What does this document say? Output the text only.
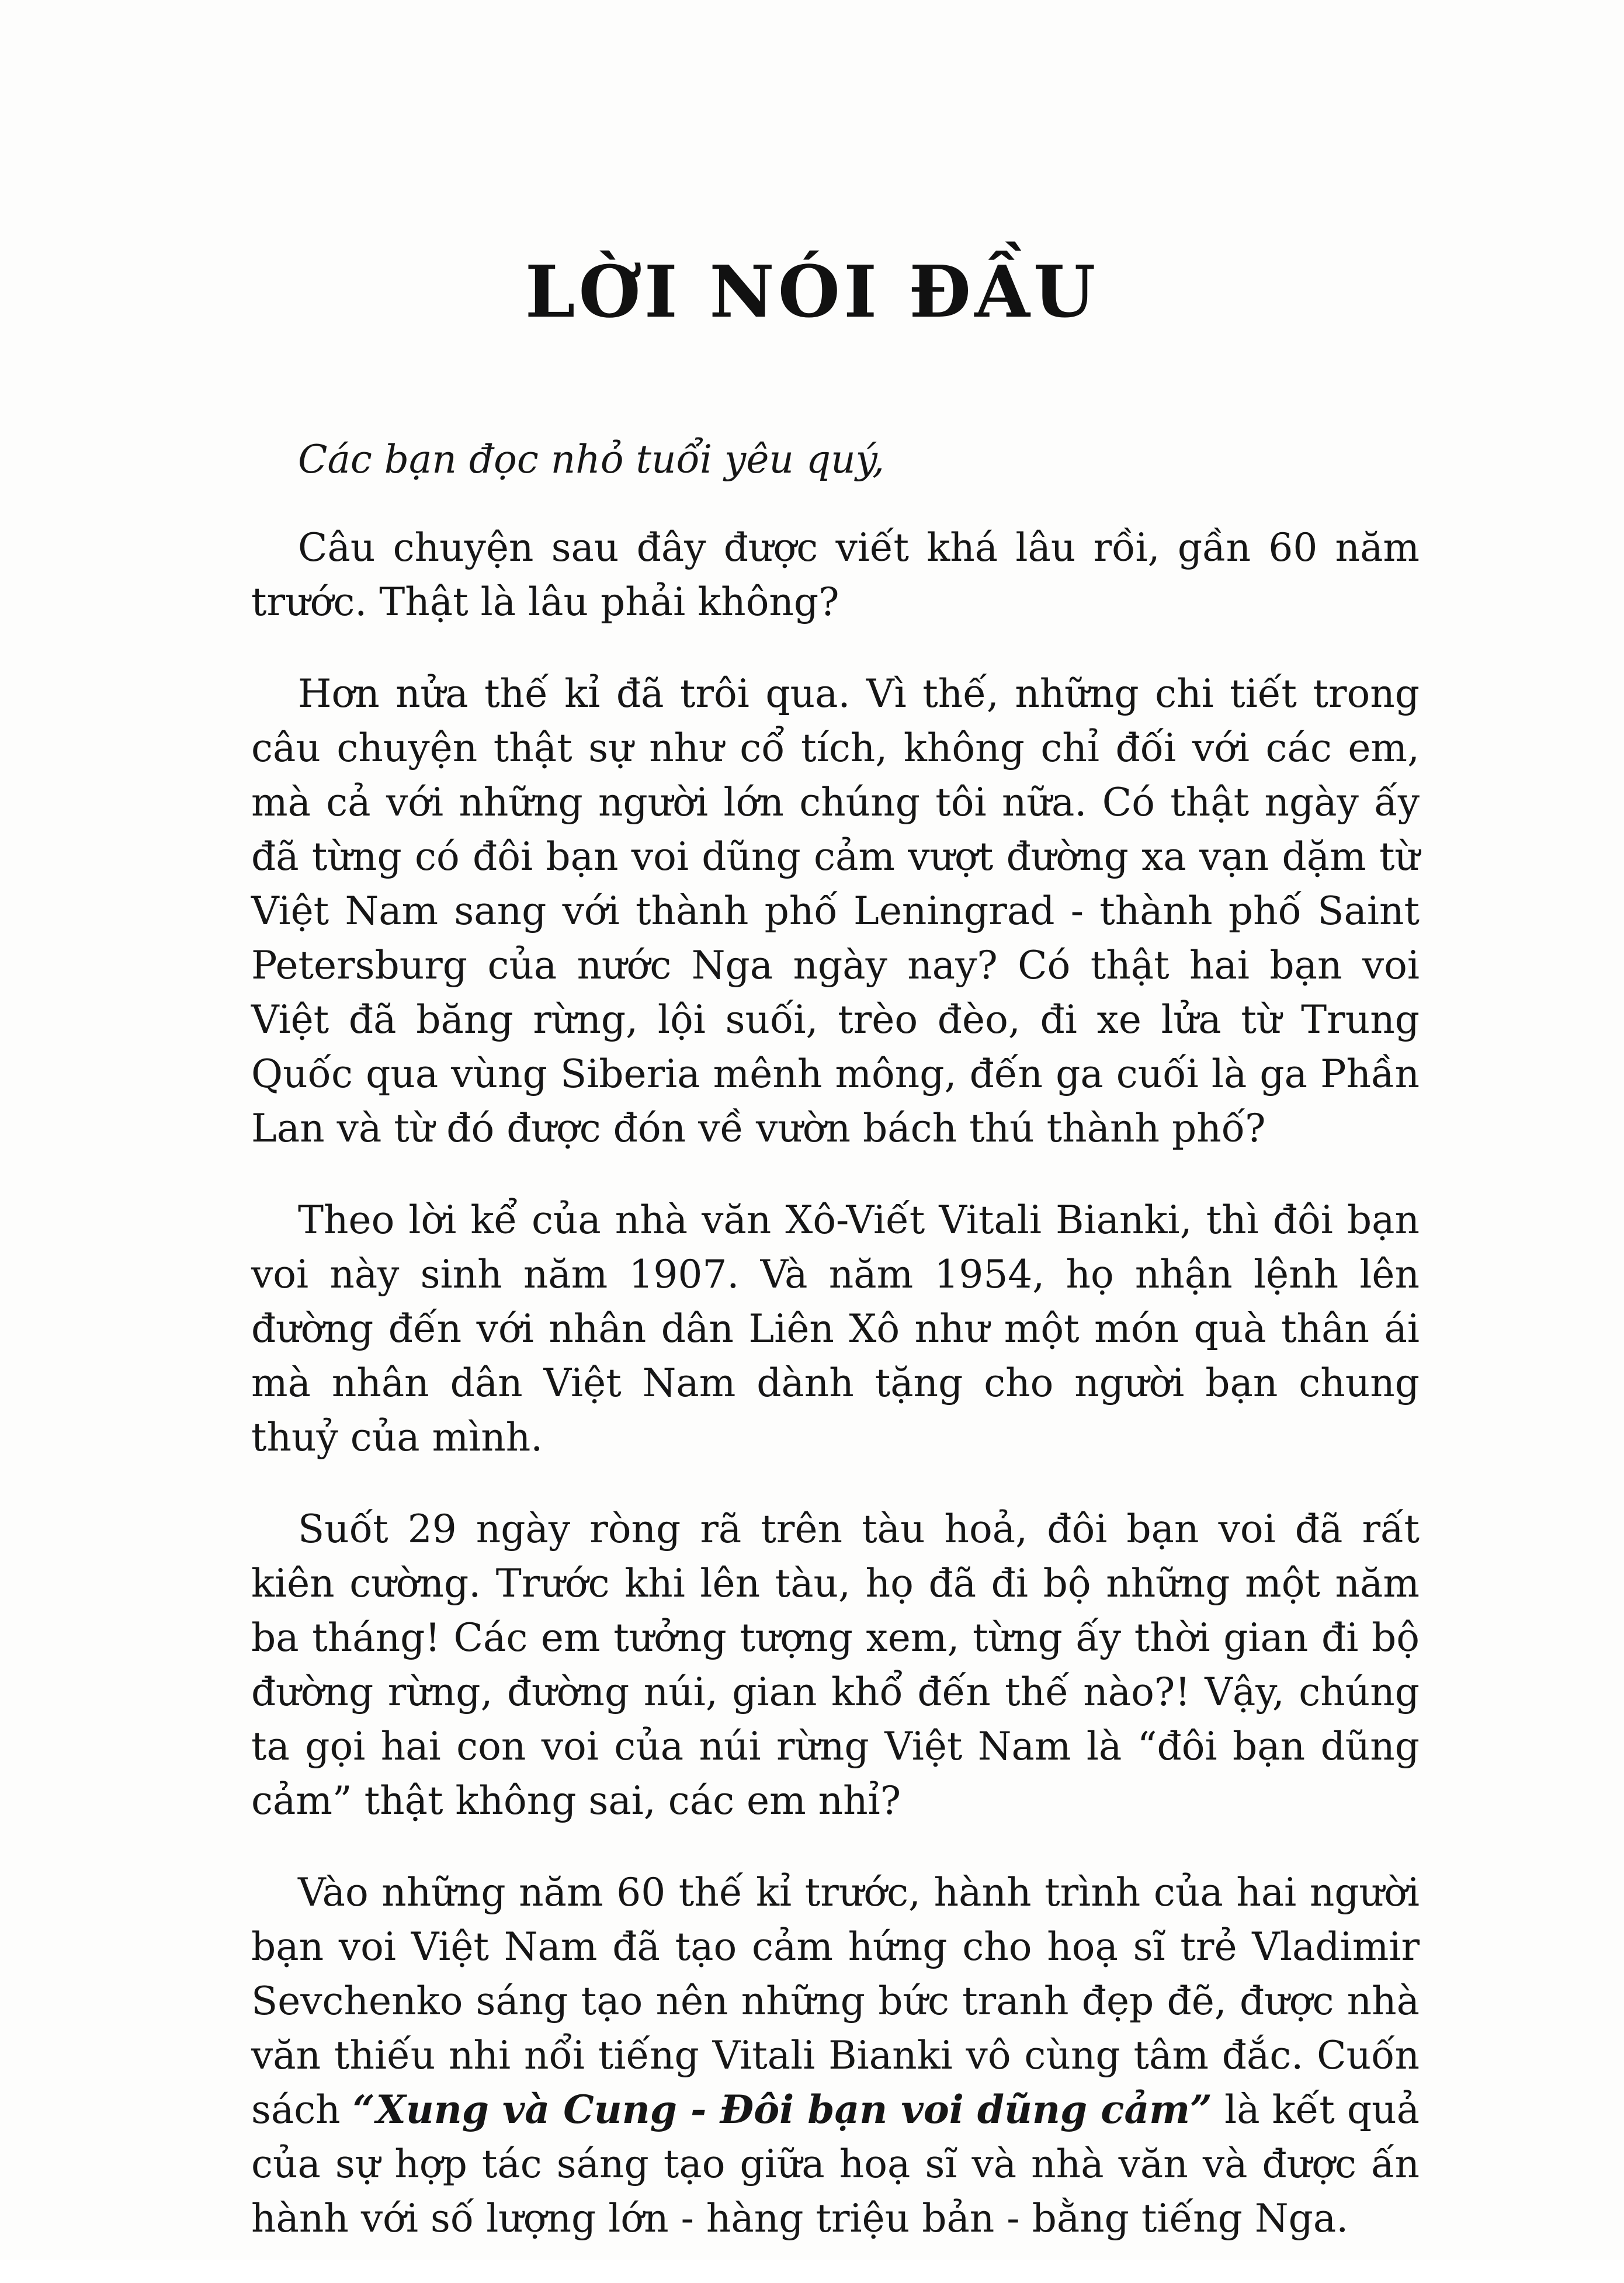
LỜI NÓI ĐẦU

Các bạn đọc nhỏ tuổi yêu quý,

Câu chuyện sau đây được viết khá lâu rồi, gần 60 năm trước. Thật là lâu phải không?

Hơn nửa thế kỉ đã trôi qua. Vì thế, những chi tiết trong câu chuyện thật sự như cổ tích, không chỉ đối với các em, mà cả với những người lớn chúng tôi nữa. Có thật ngày ấy đã từng có đôi bạn voi dũng cảm vượt đường xa vạn dặm từ Việt Nam sang với thành phố Leningrad - thành phố Saint Petersburg của nước Nga ngày nay? Có thật hai bạn voi Việt đã băng rừng, lội suối, trèo đèo, đi xe lửa từ Trung Quốc qua vùng Siberia mênh mông, đến ga cuối là ga Phần Lan và từ đó được đón về vườn bách thú thành phố?

Theo lời kể của nhà văn Xô-Viết Vitali Bianki, thì đôi bạn voi này sinh năm 1907. Và năm 1954, họ nhận lệnh lên đường đến với nhân dân Liên Xô như một món quà thân ái mà nhân dân Việt Nam dành tặng cho người bạn chung thuỷ của mình.

Suốt 29 ngày ròng rã trên tàu hoả, đôi bạn voi đã rất kiên cường. Trước khi lên tàu, họ đã đi bộ những một năm ba tháng! Các em tưởng tượng xem, từng ấy thời gian đi bộ đường rừng, đường núi, gian khổ đến thế nào?! Vậy, chúng ta gọi hai con voi của núi rừng Việt Nam là “đôi bạn dũng cảm” thật không sai, các em nhỉ?

Vào những năm 60 thế kỉ trước, hành trình của hai người bạn voi Việt Nam đã tạo cảm hứng cho hoạ sĩ trẻ Vladimir Sevchenko sáng tạo nên những bức tranh đẹp đẽ, được nhà văn thiếu nhi nổi tiếng Vitali Bianki vô cùng tâm đắc. Cuốn sách “Xung và Cung - Đôi bạn voi dũng cảm” là kết quả của sự hợp tác sáng tạo giữa hoạ sĩ và nhà văn và được ấn hành với số lượng lớn - hàng triệu bản - bằng tiếng Nga.
